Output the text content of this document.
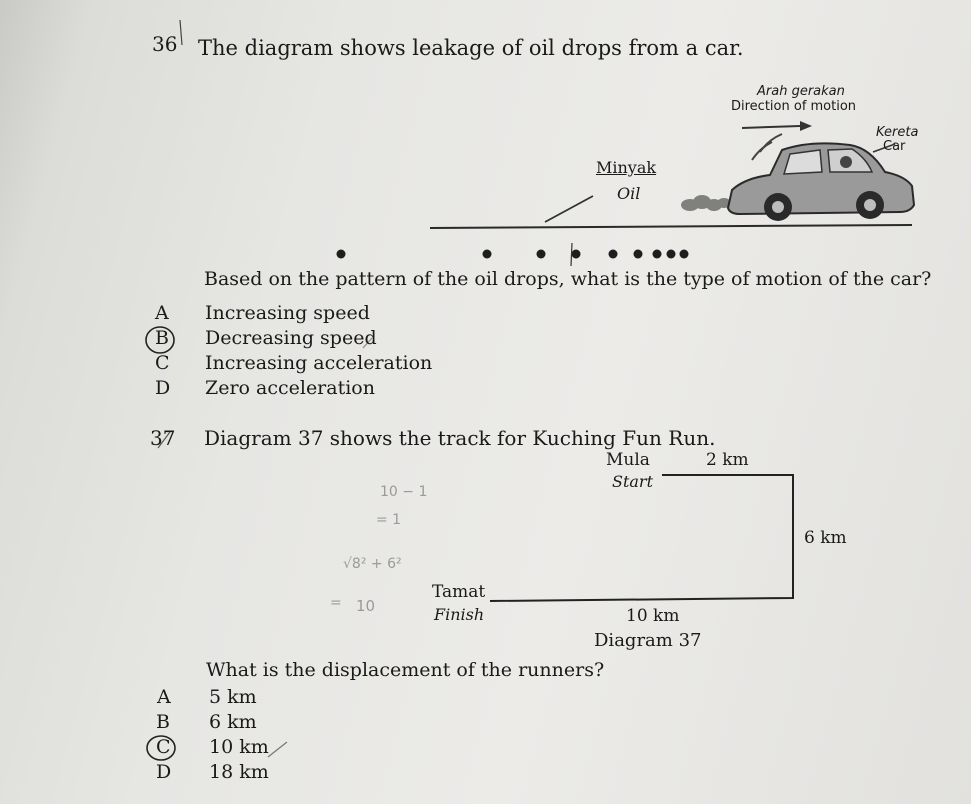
36 The diagram shows leakage of oil drops from a car.
Arah gerakan
Direction of motion
Kereta
Car
Minyak
Oil
Based on the pattern of the oil drops, what is the type of motion of the car?
A Increasing speed
B Decreasing speed
C Increasing acceleration
D Zero acceleration
37 Diagram 37 shows the track for Kuching Fun Run.
Mula
Start
2 km
6 km
Tamat
Finish	10 km
Diagram 37
What is the displacement of the runners?
A 5 km
B 6 km
C 10 km
D 18 km
10 − 1
= 1
√8² + 6²
= 10
